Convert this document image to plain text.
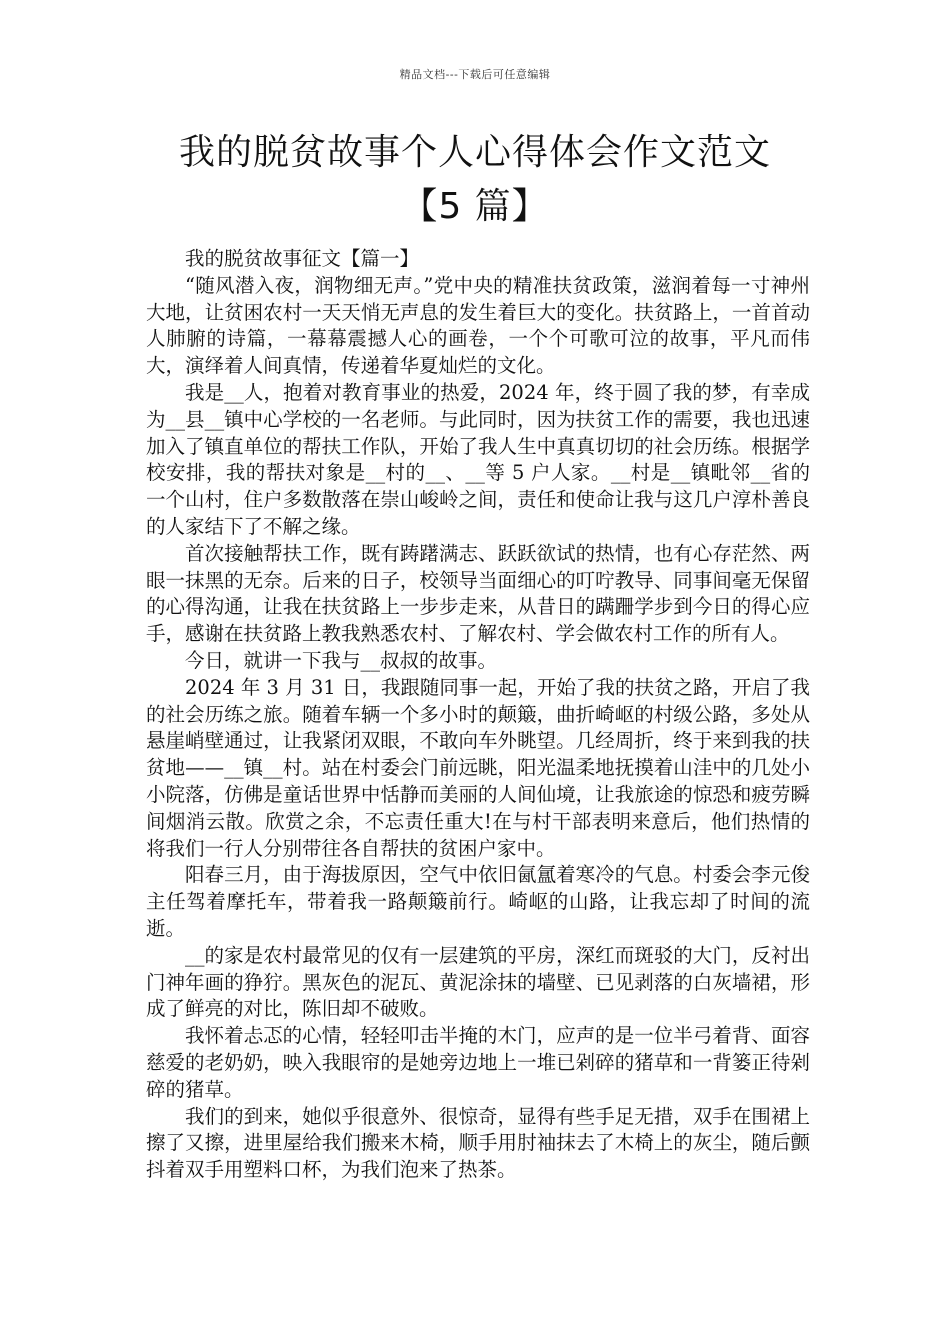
精品文档---下载后可任意编辑
我的脱贫故事个人心得体会作文范文
【5 篇】

我的脱贫故事征文【篇一】

“随风潜入夜，润物细无声。”党中央的精准扶贫政策，滋润着每一寸神州大地，让贫困农村一天天悄无声息的发生着巨大的变化。扶贫路上，一首首动人肺腑的诗篇，一幕幕震撼人心的画卷，一个个可歌可泣的故事，平凡而伟大，演绎着人间真情，传递着华夏灿烂的文化。

我是__人，抱着对教育事业的热爱，2024 年，终于圆了我的梦，有幸成为__县__镇中心学校的一名老师。与此同时，因为扶贫工作的需要，我也迅速加入了镇直单位的帮扶工作队，开始了我人生中真真切切的社会历练。根据学校安排，我的帮扶对象是__村的__、__等 5 户人家。__村是__镇毗邻__省的一个山村，住户多数散落在崇山峻岭之间，责任和使命让我与这几户淳朴善良的人家结下了不解之缘。

首次接触帮扶工作，既有踌躇满志、跃跃欲试的热情，也有心存茫然、两眼一抹黑的无奈。后来的日子，校领导当面细心的叮咛教导、同事间毫无保留的心得沟通，让我在扶贫路上一步步走来，从昔日的蹒跚学步到今日的得心应手，感谢在扶贫路上教我熟悉农村、了解农村、学会做农村工作的所有人。

今日，就讲一下我与__叔叔的故事。

2024 年 3 月 31 日，我跟随同事一起，开始了我的扶贫之路，开启了我的社会历练之旅。随着车辆一个多小时的颠簸，曲折崎岖的村级公路，多处从悬崖峭壁通过，让我紧闭双眼，不敢向车外眺望。几经周折，终于来到我的扶贫地——__镇__村。站在村委会门前远眺，阳光温柔地抚摸着山洼中的几处小小院落，仿佛是童话世界中恬静而美丽的人间仙境，让我旅途的惊恐和疲劳瞬间烟消云散。欣赏之余，不忘责任重大!在与村干部表明来意后，他们热情的将我们一行人分别带往各自帮扶的贫困户家中。

阳春三月，由于海拔原因，空气中依旧氤氲着寒冷的气息。村委会李元俊主任驾着摩托车，带着我一路颠簸前行。崎岖的山路，让我忘却了时间的流逝。

__的家是农村最常见的仅有一层建筑的平房，深红而斑驳的大门，反衬出门神年画的狰狞。黑灰色的泥瓦、黄泥涂抹的墙壁、已见剥落的白灰墙裙，形成了鲜亮的对比，陈旧却不破败。

我怀着忐忑的心情，轻轻叩击半掩的木门，应声的是一位半弓着背、面容慈爱的老奶奶，映入我眼帘的是她旁边地上一堆已剁碎的猪草和一背篓正待剁碎的猪草。

我们的到来，她似乎很意外、很惊奇，显得有些手足无措，双手在围裙上擦了又擦，进里屋给我们搬来木椅，顺手用肘袖抹去了木椅上的灰尘，随后颤抖着双手用塑料口杯，为我们泡来了热茶。
